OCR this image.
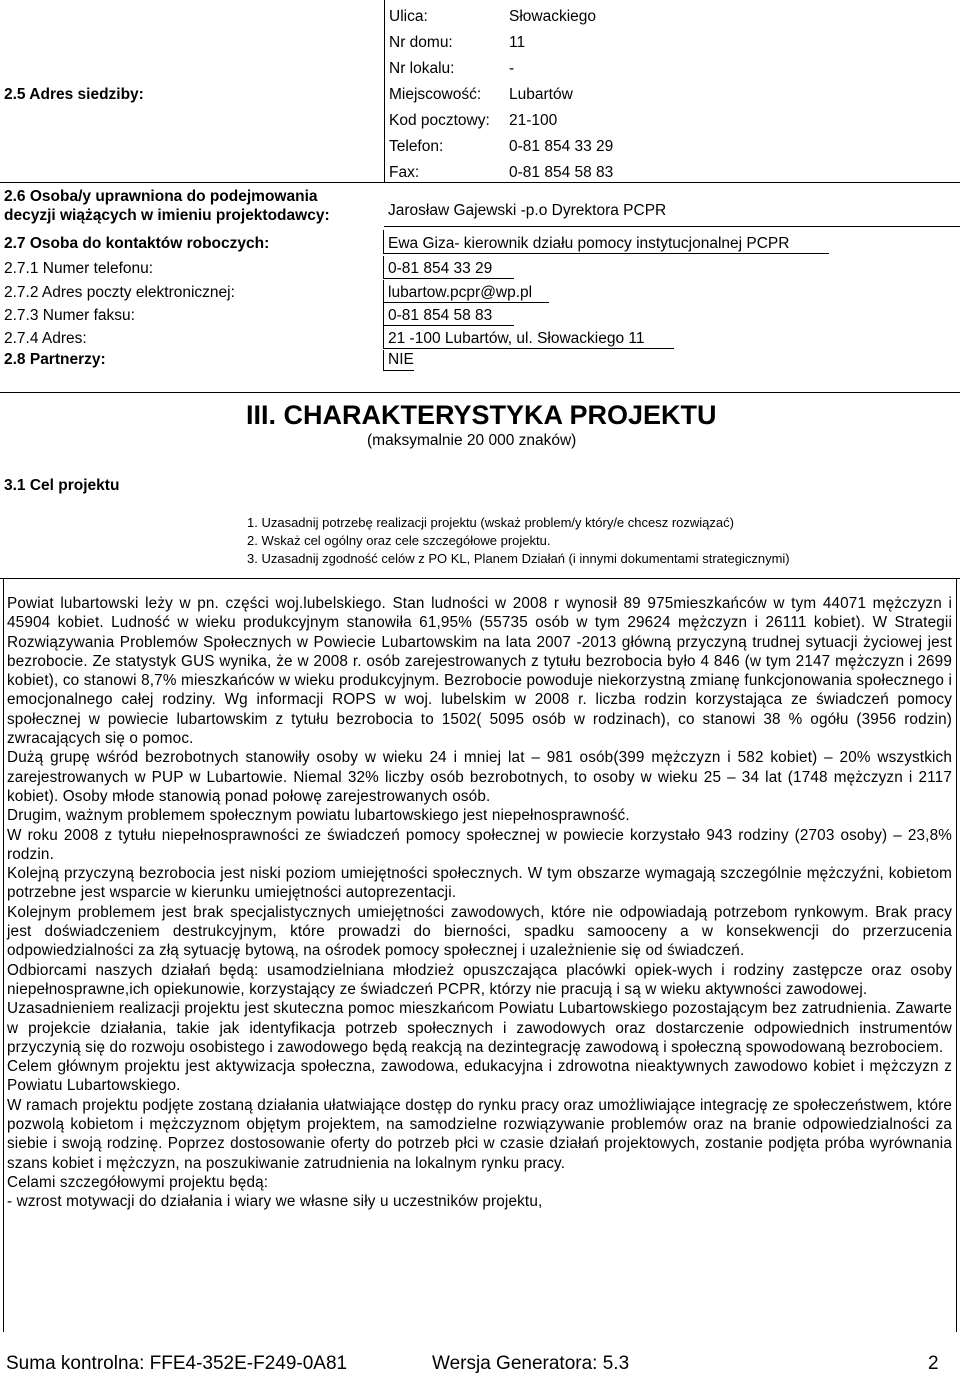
2.5 Adres siedziby:
Ulica:	Słowackiego
Nr domu:	11
Nr lokalu:	-
Miejscowość: Lubartów
Kod pocztowy: 21-100
Telefon:	0-81 854 33 29
Fax:	0-81 854 58 83
2.6 Osoba/y uprawniona do podejmowania
decyzji wiążących w imieniu projektodawcy:	Jarosław Gajewski -p.o Dyrektora PCPR
2.7 Osoba do kontaktów roboczych:	Ewa Giza- kierownik działu pomocy instytucjonalnej PCPR
2.7.1 Numer telefonu:	0-81 854 33 29
2.7.2 Adres poczty elektronicznej:	lubartow.pcpr@wp.pl
2.7.3 Numer faksu:	0-81 854 58 83
2.7.4 Adres:	21 -100 Lubartów, ul. Słowackiego 11
2.8 Partnerzy:	NIE
III. CHARAKTERYSTYKA PROJEKTU
(maksymalnie 20 000 znaków)
3.1 Cel projektu
1. Uzasadnij potrzebę realizacji projektu (wskaż problem/y który/e chcesz rozwiązać)
2. Wskaż cel ogólny oraz cele szczegółowe projektu.
3. Uzasadnij zgodność celów z PO KL, Planem Działań (i innymi dokumentami strategicznymi)

Powiat lubartowski leży w pn. części woj.lubelskiego. Stan ludności w 2008 r wynosił 89 975mieszkańców w tym 44071 mężczyzn i 45904 kobiet. Ludność w wieku produkcyjnym stanowiła 61,95% (55735 osób w tym 29624 mężczyzn i 26111 kobiet). W Strategii Rozwiązywania Problemów Społecznych w Powiecie Lubartowskim na lata 2007 -2013 główną przyczyną trudnej sytuacji życiowej jest bezrobocie. Ze statystyk GUS wynika, że w 2008 r. osób zarejestrowanych z tytułu bezrobocia było 4 846 (w tym 2147 mężczyzn i 2699 kobiet), co stanowi 8,7% mieszkańców w wieku produkcyjnym. Bezrobocie powoduje niekorzystną zmianę funkcjonowania społecznego i emocjonalnego całej rodziny. Wg informacji ROPS w woj. lubelskim w 2008 r. liczba rodzin korzystająca ze świadczeń pomocy społecznej w powiecie lubartowskim z tytułu bezrobocia to 1502( 5095 osób w rodzinach), co stanowi 38 % ogółu (3956 rodzin) zwracających się o pomoc.

Dużą grupę wśród bezrobotnych stanowiły osoby w wieku 24 i mniej lat – 981 osób(399 mężczyzn i 582 kobiet) – 20% wszystkich zarejestrowanych w PUP w Lubartowie. Niemal 32% liczby osób bezrobotnych, to osoby w wieku 25 – 34 lat (1748 mężczyzn i 2117 kobiet). Osoby młode stanowią ponad połowę zarejestrowanych osób.

Drugim, ważnym problemem społecznym powiatu lubartowskiego jest niepełnosprawność.

W roku 2008 z tytułu niepełnosprawności ze świadczeń pomocy społecznej w powiecie korzystało 943 rodziny (2703 osoby) – 23,8% rodzin.

Kolejną przyczyną bezrobocia jest niski poziom umiejętności społecznych. W tym obszarze wymagają szczególnie mężczyźni, kobietom potrzebne jest wsparcie w kierunku umiejętności autoprezentacji.

Kolejnym problemem jest brak specjalistycznych umiejętności zawodowych, które nie odpowiadają potrzebom rynkowym. Brak pracy jest doświadczeniem destrukcyjnym, które prowadzi do bierności, spadku samooceny a w konsekwencji do przerzucenia odpowiedzialności za złą sytuację bytową, na ośrodek pomocy społecznej i uzależnienie się od świadczeń.

Odbiorcami naszych działań będą: usamodzielniana młodzież opuszczająca placówki opiek-wych i rodziny zastępcze oraz osoby niepełnosprawne,ich opiekunowie, korzystający ze świadczeń PCPR, którzy nie pracują i są w wieku aktywności zawodowej.

Uzasadnieniem realizacji projektu jest skuteczna pomoc mieszkańcom Powiatu Lubartowskiego pozostającym bez zatrudnienia. Zawarte w projekcie działania, takie jak identyfikacja potrzeb społecznych i zawodowych oraz dostarczenie odpowiednich instrumentów przyczynią się do rozwoju osobistego i zawodowego będą reakcją na dezintegrację zawodową i społeczną spowodowaną bezrobociem.

Celem głównym projektu jest aktywizacja społeczna, zawodowa, edukacyjna i zdrowotna nieaktywnych zawodowo kobiet i mężczyzn z Powiatu Lubartowskiego.

W ramach projektu podjęte zostaną działania ułatwiające dostęp do rynku pracy oraz umożliwiające integrację ze społeczeństwem, które pozwolą kobietom i mężczyznom objętym projektem, na samodzielne rozwiązywanie problemów oraz na branie odpowiedzialności za siebie i swoją rodzinę. Poprzez dostosowanie oferty do potrzeb płci w czasie działań projektowych, zostanie podjęta próba wyrównania szans kobiet i mężczyzn, na poszukiwanie zatrudnienia na lokalnym rynku pracy.

Celami szczegółowymi projektu będą:

- wzrost motywacji do działania i wiary we własne siły u uczestników projektu,

Suma kontrolna: FFE4-352E-F249-0A81	Wersja Generatora: 5.3	2
